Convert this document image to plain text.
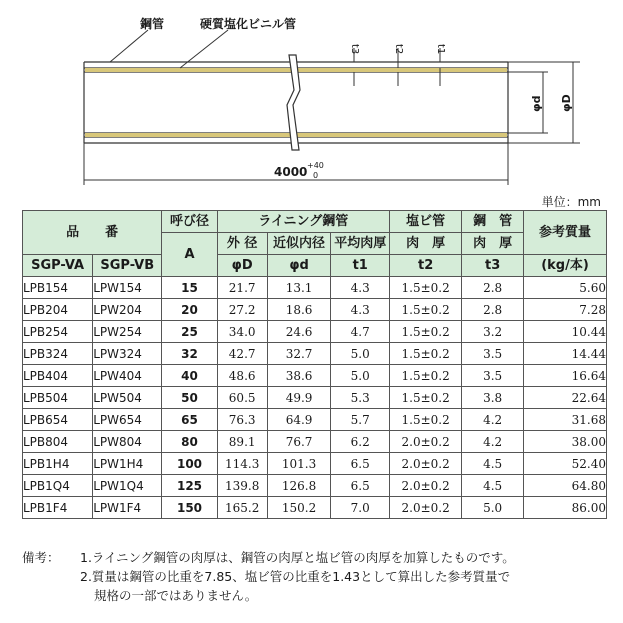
鋼管	硬質塩化ビニル管
t3	t2	t1
φd φD
4000 +40
0
単位：mm
品　　番		呼び径	ライニング鋼管			塩ビ管	鋼　管	参考質量

		A	外 径	近似内径	平均肉厚	肉　厚	肉　厚	
SGP-VA	SGP-VB		φD	φd	t1	t2	t3	(kg/本)
LPB154	LPW154	15	21.7	13.1	4.3	1.5±0.2	2.8	5.60
LPB204	LPW204	20	27.2	18.6	4.3	1.5±0.2	2.8	7.28
LPB254	LPW254	25	34.0	24.6	4.7	1.5±0.2	3.2	10.44
LPB324	LPW324	32	42.7	32.7	5.0	1.5±0.2	3.5	14.44
LPB404	LPW404	40	48.6	38.6	5.0	1.5±0.2	3.5	16.64
LPB504	LPW504	50	60.5	49.9	5.3	1.5±0.2	3.8	22.64
LPB654	LPW654	65	76.3	64.9	5.7	1.5±0.2	4.2	31.68
LPB804	LPW804	80	89.1	76.7	6.2	2.0±0.2	4.2	38.00
LPB1H4	LPW1H4	100	114.3	101.3	6.5	2.0±0.2	4.5	52.40
LPB1Q4	LPW1Q4	125	139.8	126.8	6.5	2.0±0.2	4.5	64.80
LPB1F4	LPW1F4	150	165.2	150.2	7.0	2.0±0.2	5.0	86.00
備考：	1.ライニング鋼管の肉厚は、鋼管の肉厚と塩ビ管の肉厚を加算したものです。
2.質量は鋼管の比重を7.85、塩ビ管の比重を1.43として算出した参考質量で
規格の一部ではありません。
